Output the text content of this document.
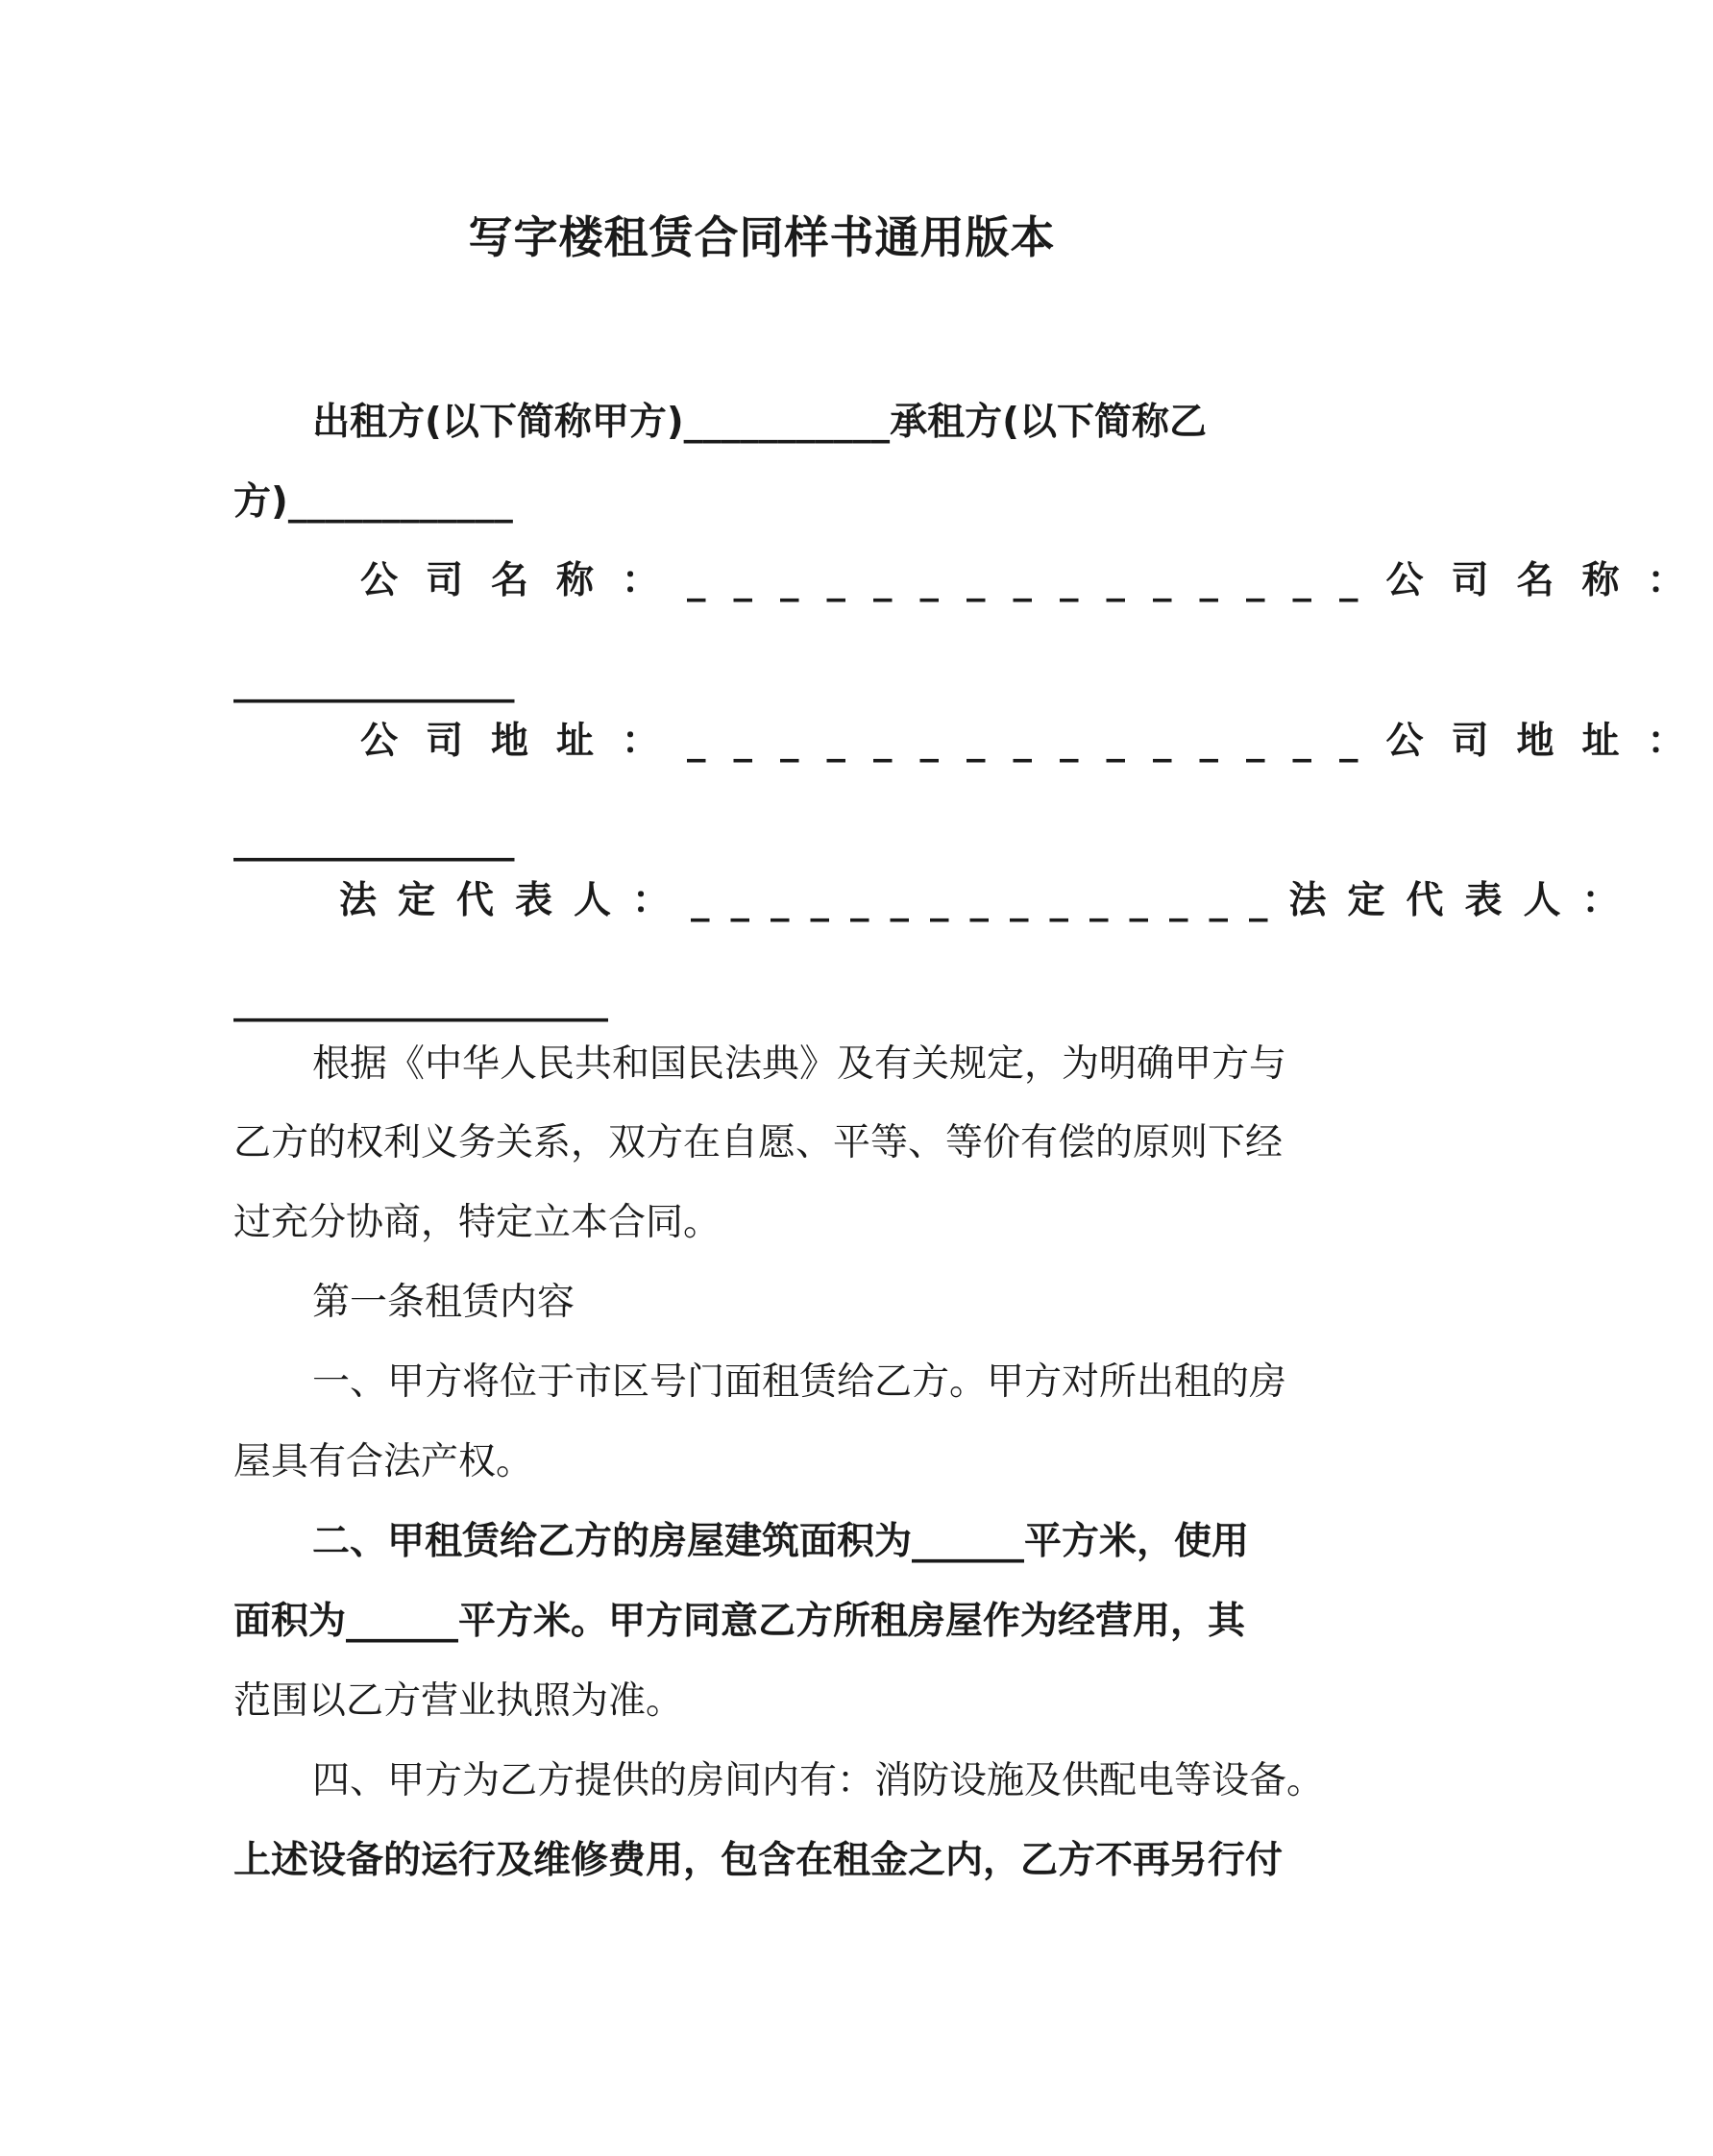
写字楼租赁合同样书通用版本
出租方(以下简称甲方)___________承租方(以下简称乙
方)____________
公司名称：_______________公司名称：
_______________
公司地址：_______________公司地址：
_______________
法定代表人：_______________法定代表人：
____________________
根据《中华人民共和国民法典》及有关规定，为明确甲方与
乙方的权利义务关系，双方在自愿、平等、等价有偿的原则下经
过充分协商，特定立本合同。
第一条租赁内容
一、甲方将位于市区号门面租赁给乙方。甲方对所出租的房
屋具有合法产权。
二、甲租赁给乙方的房屋建筑面积为______平方米，使用
面积为______平方米。甲方同意乙方所租房屋作为经营用，其
范围以乙方营业执照为准。
四、甲方为乙方提供的房间内有：消防设施及供配电等设备。
上述设备的运行及维修费用，包含在租金之内，乙方不再另行付
